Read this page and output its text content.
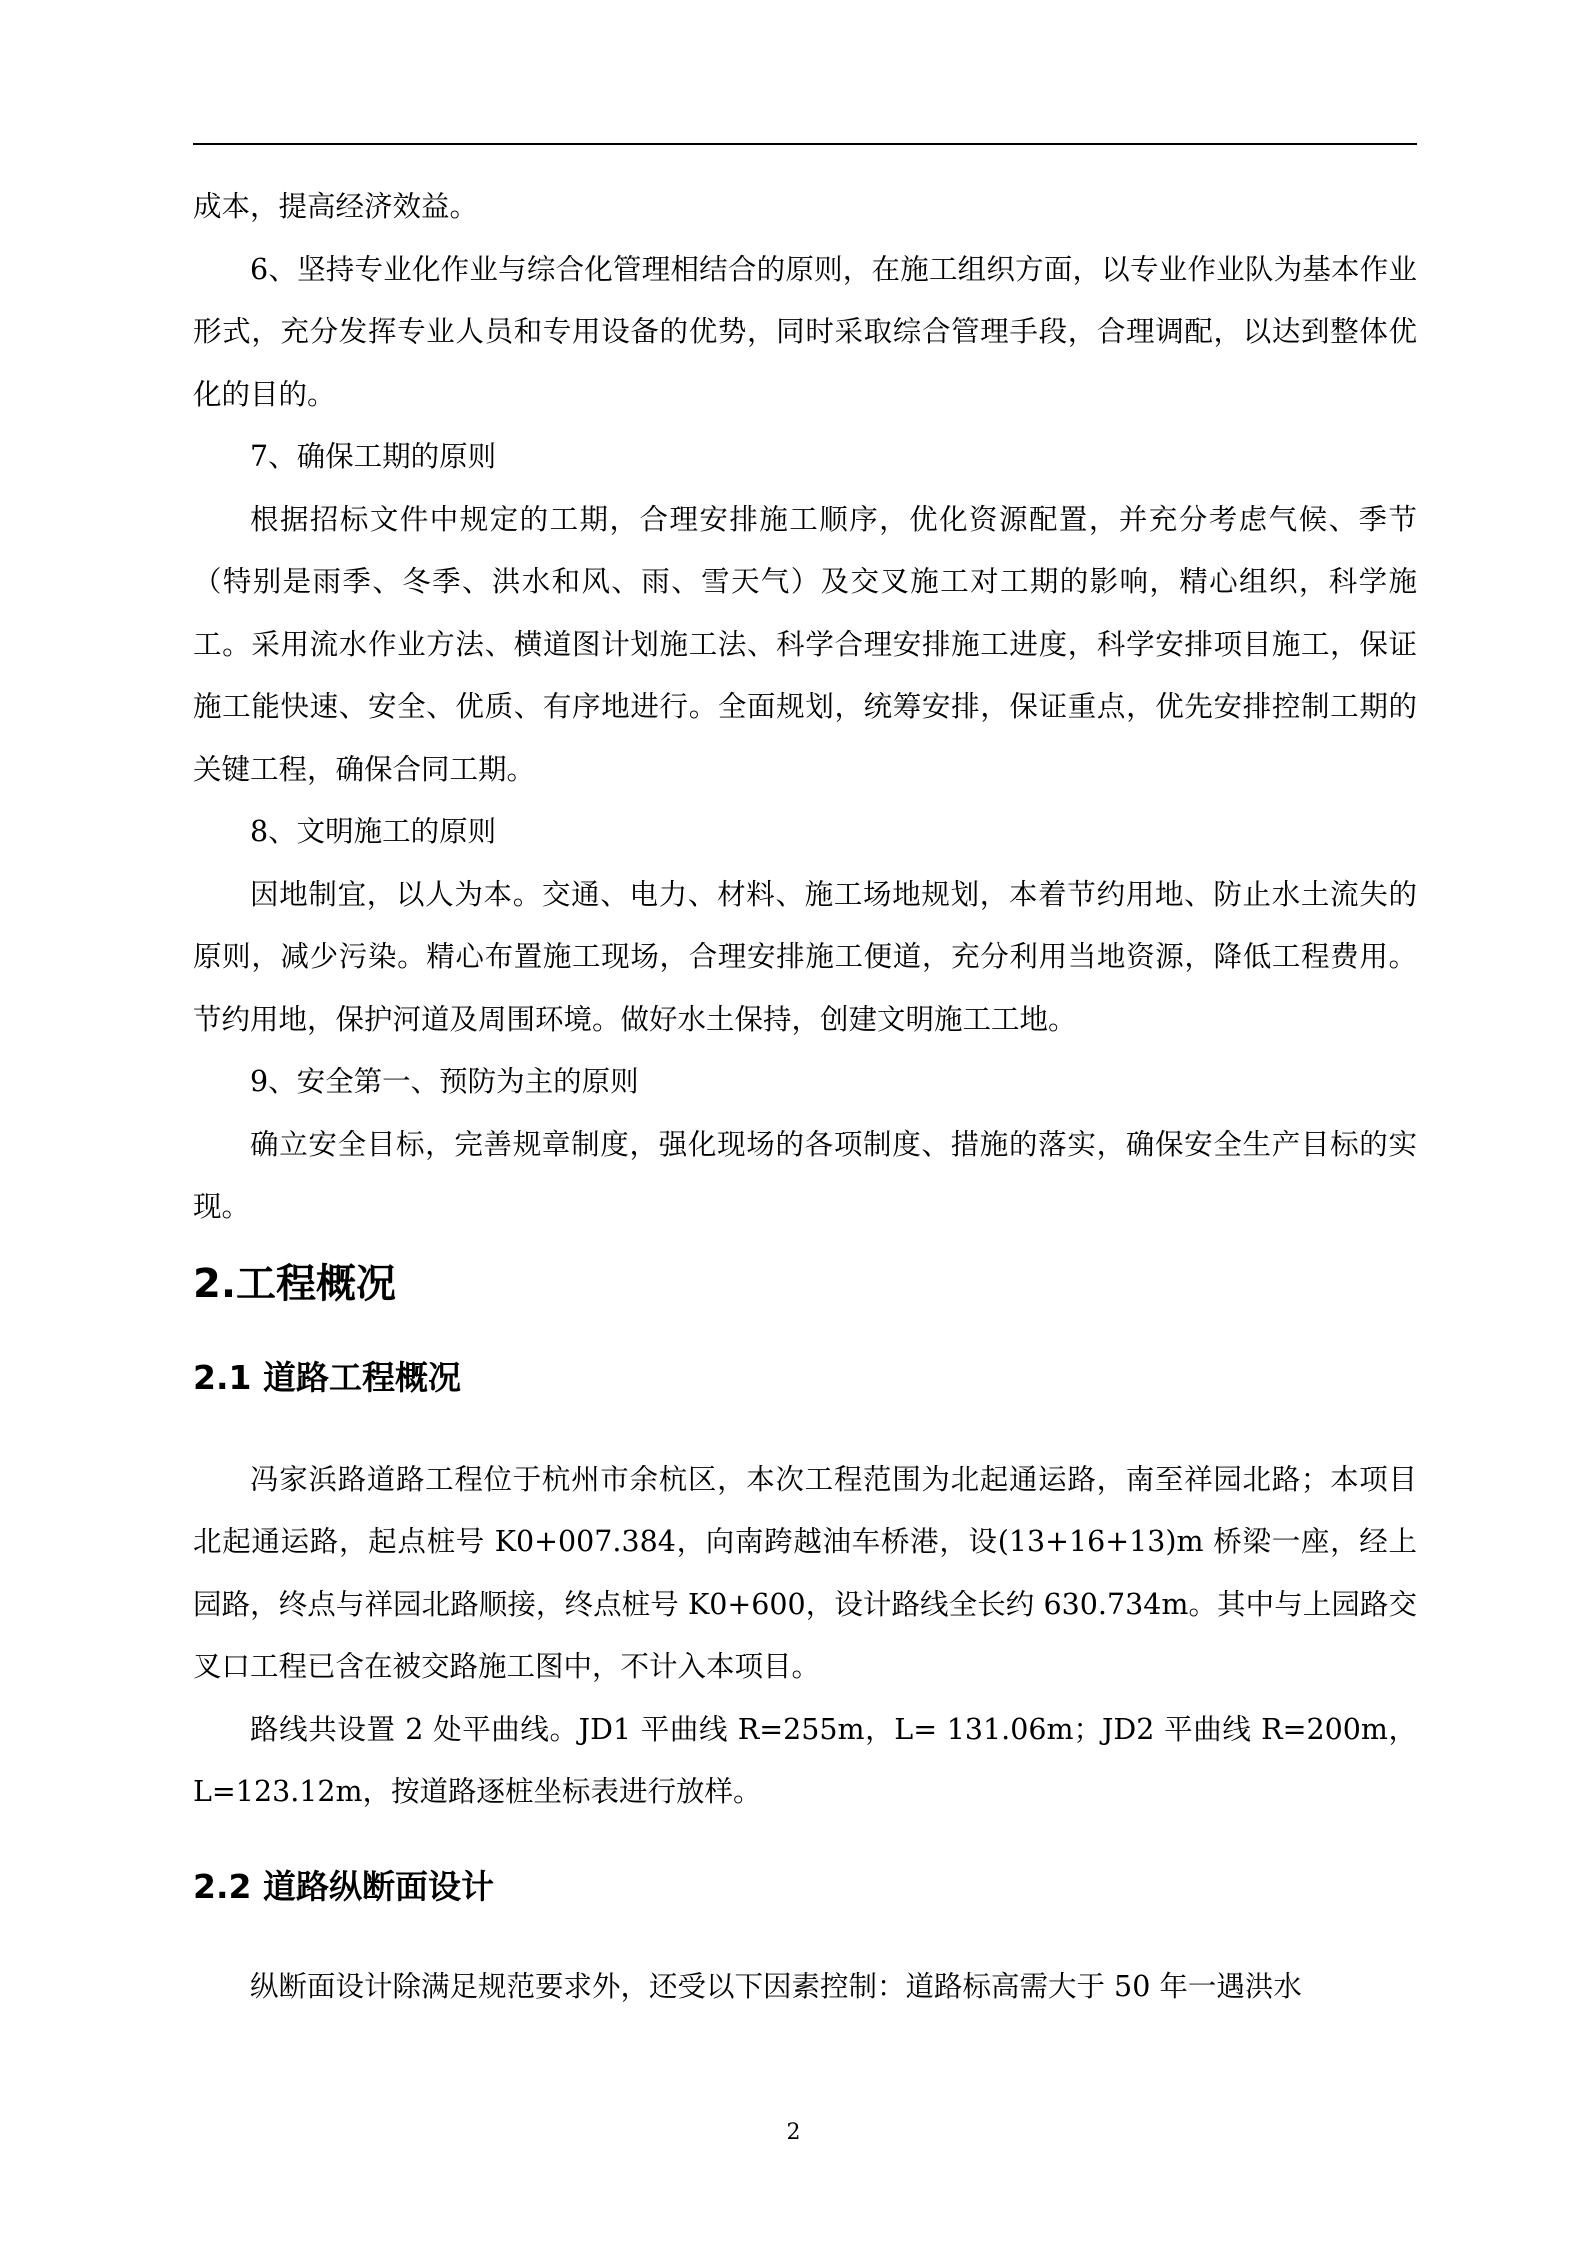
成本，提高经济效益。

6、坚持专业化作业与综合化管理相结合的原则，在施工组织方面，以专业作业队为基本作业形式，充分发挥专业人员和专用设备的优势，同时采取综合管理手段，合理调配，以达到整体优化的目的。

7、确保工期的原则

根据招标文件中规定的工期，合理安排施工顺序，优化资源配置，并充分考虑气候、季节（特别是雨季、冬季、洪水和风、雨、雪天气）及交叉施工对工期的影响，精心组织，科学施工。采用流水作业方法、横道图计划施工法、科学合理安排施工进度，科学安排项目施工，保证施工能快速、安全、优质、有序地进行。全面规划，统筹安排，保证重点，优先安排控制工期的关键工程，确保合同工期。

8、文明施工的原则

因地制宜，以人为本。交通、电力、材料、施工场地规划，本着节约用地、防止水土流失的原则，减少污染。精心布置施工现场，合理安排施工便道，充分利用当地资源，降低工程费用。节约用地，保护河道及周围环境。做好水土保持，创建文明施工工地。

9、安全第一、预防为主的原则

确立安全目标，完善规章制度，强化现场的各项制度、措施的落实，确保安全生产目标的实现。

2.工程概况
2.1 道路工程概况

冯家浜路道路工程位于杭州市余杭区，本次工程范围为北起通运路，南至祥园北路；本项目北起通运路，起点桩号 K0+007.384，向南跨越油车桥港，设(13+16+13)m 桥梁一座，经上园路，终点与祥园北路顺接，终点桩号 K0+600，设计路线全长约 630.734m。其中与上园路交叉口工程已含在被交路施工图中，不计入本项目。

路线共设置 2 处平曲线。JD1 平曲线 R=255m，L= 131.06m；JD2 平曲线 R=200m，L=123.12m，按道路逐桩坐标表进行放样。

2.2 道路纵断面设计

纵断面设计除满足规范要求外，还受以下因素控制：道路标高需大于 50 年一遇洪水

2
